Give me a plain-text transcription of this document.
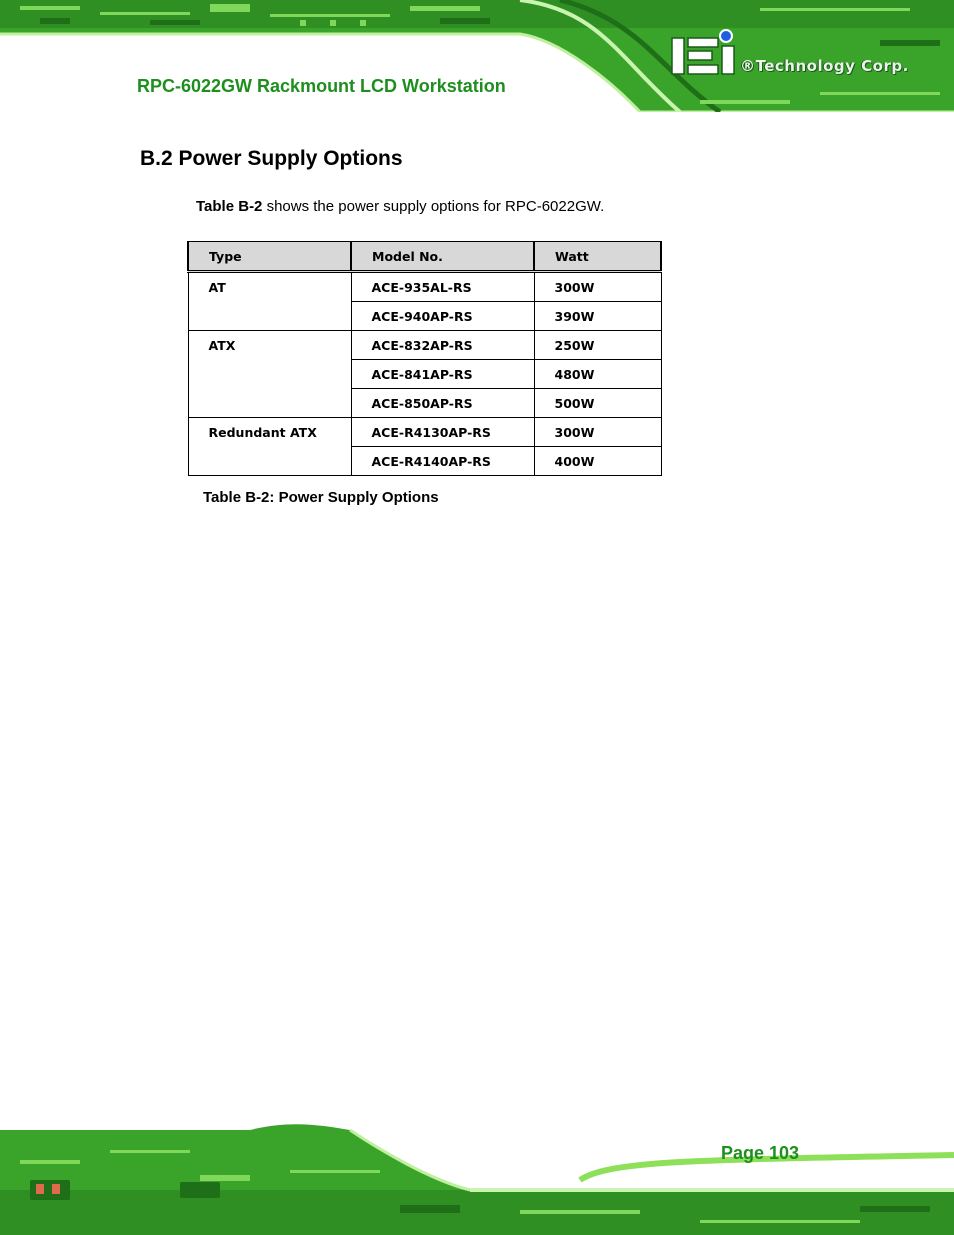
RPC-6022GW Rackmount LCD Workstation
®Technology Corp.
B.2 Power Supply Options

Table B-2 shows the power supply options for RPC-6022GW.

Type	Model No.	Watt
AT	ACE-935AL-RS	300W
	ACE-940AP-RS	390W
ATX	ACE-832AP-RS	250W
	ACE-841AP-RS	480W
	ACE-850AP-RS	500W
Redundant ATX	ACE-R4130AP-RS	300W
	ACE-R4140AP-RS	400W

Table B-2: Power Supply Options

Page 103
